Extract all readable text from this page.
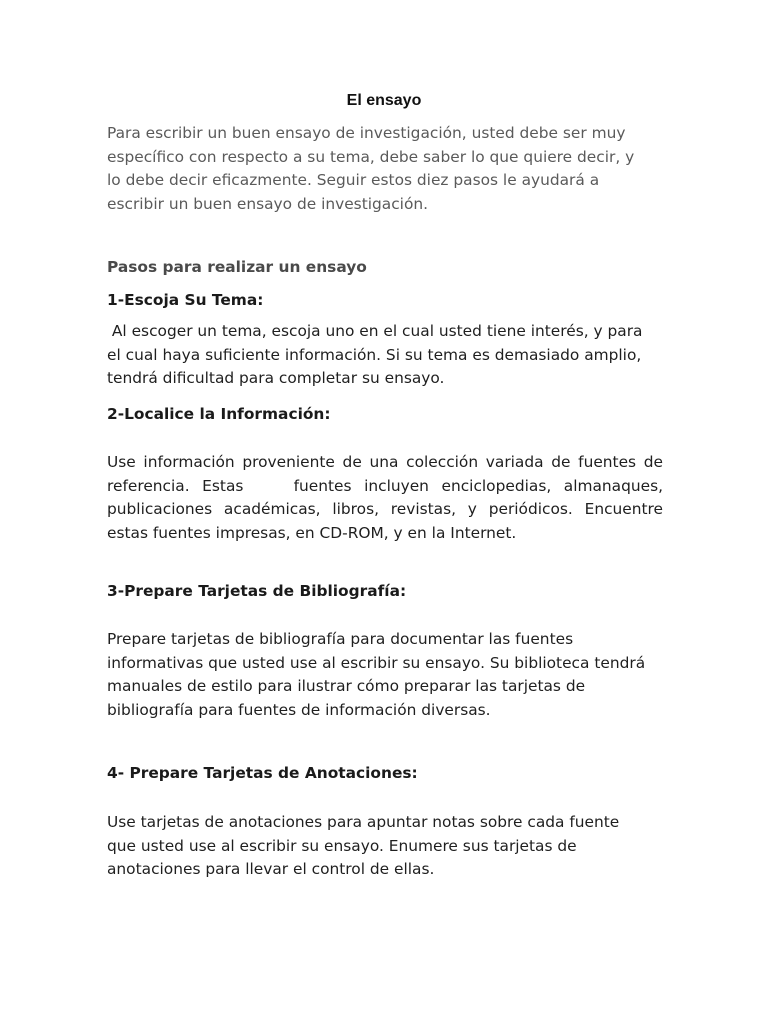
El ensayo

Para escribir un buen ensayo de investigación, usted debe ser muy
específico con respecto a su tema, debe saber lo que quiere decir, y
lo debe decir eficazmente. Seguir estos diez pasos le ayudará a
escribir un buen ensayo de investigación.

Pasos para realizar un ensayo
1-Escoja Su Tema:

Al escoger un tema, escoja uno en el cual usted tiene interés, y para
el cual haya suficiente información. Si su tema es demasiado amplio,
tendrá dificultad para completar su ensayo.

2-Localice la Información:

Use información proveniente de una colección variada de fuentes de
referencia. Estas    fuentes incluyen enciclopedias, almanaques,
publicaciones académicas, libros, revistas, y periódicos. Encuentre
estas fuentes impresas, en CD-ROM, y en la Internet.

3-Prepare Tarjetas de Bibliografía:

Prepare tarjetas de bibliografía para documentar las fuentes
informativas que usted use al escribir su ensayo. Su biblioteca tendrá
manuales de estilo para ilustrar cómo preparar las tarjetas de
bibliografía para fuentes de información diversas.

4- Prepare Tarjetas de Anotaciones:

Use tarjetas de anotaciones para apuntar notas sobre cada fuente
que usted use al escribir su ensayo. Enumere sus tarjetas de
anotaciones para llevar el control de ellas.
